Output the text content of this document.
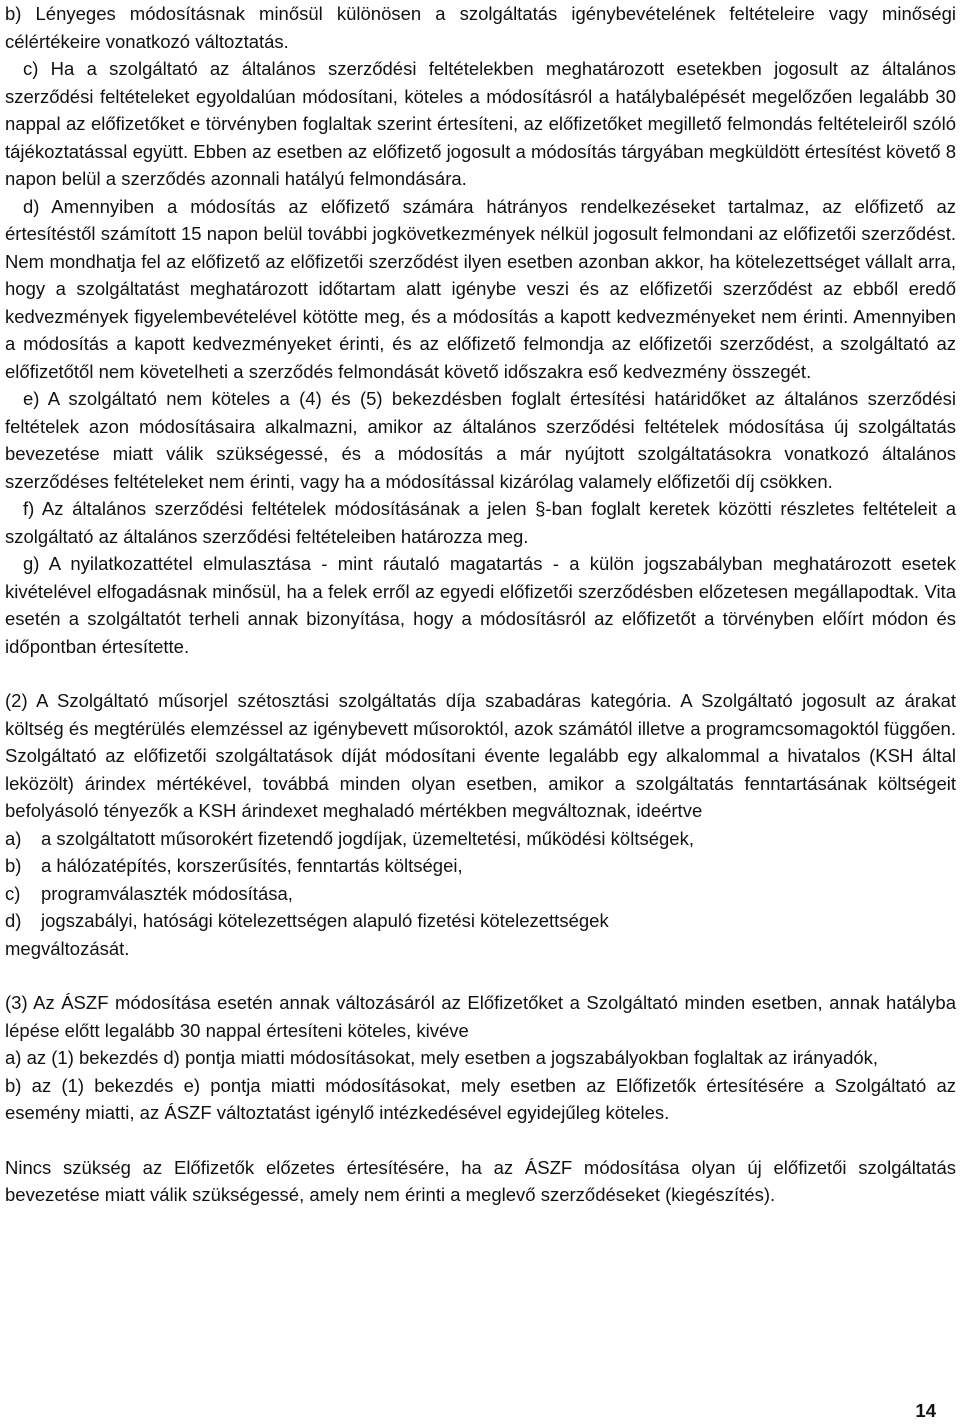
b) Lényeges módosításnak minősül különösen a szolgáltatás igénybevételének feltételeire vagy minőségi célértékeire vonatkozó változtatás.

c) Ha a szolgáltató az általános szerződési feltételekben meghatározott esetekben jogosult az általános szerződési feltételeket egyoldalúan módosítani, köteles a módosításról a hatálybalépését megelőzően legalább 30 nappal az előfizetőket e törvényben foglaltak szerint értesíteni, az előfizetőket megillető felmondás feltételeiről szóló tájékoztatással együtt. Ebben az esetben az előfizető jogosult a módosítás tárgyában megküldött értesítést követő 8 napon belül a szerződés azonnali hatályú felmondására.

d) Amennyiben a módosítás az előfizető számára hátrányos rendelkezéseket tartalmaz, az előfizető az értesítéstől számított 15 napon belül további jogkövetkezmények nélkül jogosult felmondani az előfizetői szerződést. Nem mondhatja fel az előfizető az előfizetői szerződést ilyen esetben azonban akkor, ha kötelezettséget vállalt arra, hogy a szolgáltatást meghatározott időtartam alatt igénybe veszi és az előfizetői szerződést az ebből eredő kedvezmények figyelembevételével kötötte meg, és a módosítás a kapott kedvezményeket nem érinti. Amennyiben a módosítás a kapott kedvezményeket érinti, és az előfizető felmondja az előfizetői szerződést, a szolgáltató az előfizetőtől nem követelheti a szerződés felmondását követő időszakra eső kedvezmény összegét.

e) A szolgáltató nem köteles a (4) és (5) bekezdésben foglalt értesítési határidőket az általános szerződési feltételek azon módosításaira alkalmazni, amikor az általános szerződési feltételek módosítása új szolgáltatás bevezetése miatt válik szükségessé, és a módosítás a már nyújtott szolgáltatásokra vonatkozó általános szerződéses feltételeket nem érinti, vagy ha a módosítással kizárólag valamely előfizetői díj csökken.

f) Az általános szerződési feltételek módosításának a jelen §-ban foglalt keretek közötti részletes feltételeit a szolgáltató az általános szerződési feltételeiben határozza meg.

g) A nyilatkozattétel elmulasztása - mint ráutaló magatartás - a külön jogszabályban meghatározott esetek kivételével elfogadásnak minősül, ha a felek erről az egyedi előfizetői szerződésben előzetesen megállapodtak. Vita esetén a szolgáltatót terheli annak bizonyítása, hogy a módosításról az előfizetőt a törvényben előírt módon és időpontban értesítette.

(2) A Szolgáltató műsorjel szétosztási szolgáltatás díja szabadáras kategória. A Szolgáltató jogosult az árakat költség és megtérülés elemzéssel az igénybevett műsoroktól, azok számától illetve a programcsomagoktól függően. Szolgáltató az előfizetői szolgáltatások díját módosítani évente legalább egy alkalommal a hivatalos (KSH által leközölt) árindex mértékével, továbbá minden olyan esetben, amikor a szolgáltatás fenntartásának költségeit befolyásoló tényezők a KSH árindexet meghaladó mértékben megváltoznak, ideértve

a) a szolgáltatott műsorokért fizetendő jogdíjak, üzemeltetési, működési költségek,

b) a hálózatépítés, korszerűsítés, fenntartás költségei,

c) programválaszték módosítása,

d) jogszabályi, hatósági kötelezettségen alapuló fizetési kötelezettségek

megváltozását.

(3) Az ÁSZF módosítása esetén annak változásáról az Előfizetőket a Szolgáltató minden esetben, annak hatályba lépése előtt legalább 30 nappal értesíteni köteles, kivéve

a) az (1) bekezdés d) pontja miatti módosításokat, mely esetben a jogszabályokban foglaltak az irányadók,

b) az (1) bekezdés e) pontja miatti módosításokat, mely esetben az Előfizetők értesítésére a Szolgáltató az esemény miatti, az ÁSZF változtatást igénylő intézkedésével egyidejűleg köteles.

Nincs szükség az Előfizetők előzetes értesítésére, ha az ÁSZF módosítása olyan új előfizetői szolgáltatás bevezetése miatt válik szükségessé, amely nem érinti a meglevő szerződéseket (kiegészítés).

14
